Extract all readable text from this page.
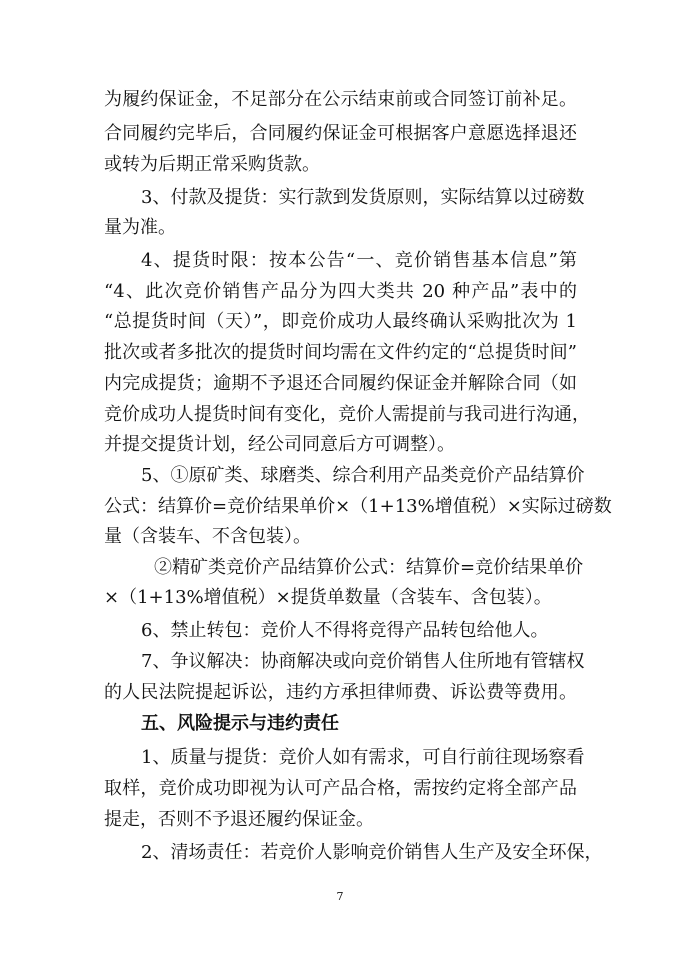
为履约保证金，不足部分在公示结束前或合同签订前补足。
合同履约完毕后，合同履约保证金可根据客户意愿选择退还
或转为后期正常采购货款。
3、付款及提货：实行款到发货原则，实际结算以过磅数
量为准。
4、提货时限：按本公告“一、竞价销售基本信息”第
“4、此次竞价销售产品分为四大类共 20 种产品”表中的
“总提货时间（天）”，即竞价成功人最终确认采购批次为 1
批次或者多批次的提货时间均需在文件约定的“总提货时间”
内完成提货；逾期不予退还合同履约保证金并解除合同（如
竞价成功人提货时间有变化，竞价人需提前与我司进行沟通，
并提交提货计划，经公司同意后方可调整）。
5、①原矿类、球磨类、综合利用产品类竞价产品结算价
公式：结算价=竞价结果单价×（1+13%增值税）×实际过磅数
量（含装车、不含包装）。
②精矿类竞价产品结算价公式：结算价=竞价结果单价
×（1+13%增值税）×提货单数量（含装车、含包装）。
6、禁止转包：竞价人不得将竞得产品转包给他人。
7、争议解决：协商解决或向竞价销售人住所地有管辖权
的人民法院提起诉讼，违约方承担律师费、诉讼费等费用。
五、风险提示与违约责任
1、质量与提货：竞价人如有需求，可自行前往现场察看
取样，竞价成功即视为认可产品合格，需按约定将全部产品
提走，否则不予退还履约保证金。
2、清场责任：若竞价人影响竞价销售人生产及安全环保，
7
